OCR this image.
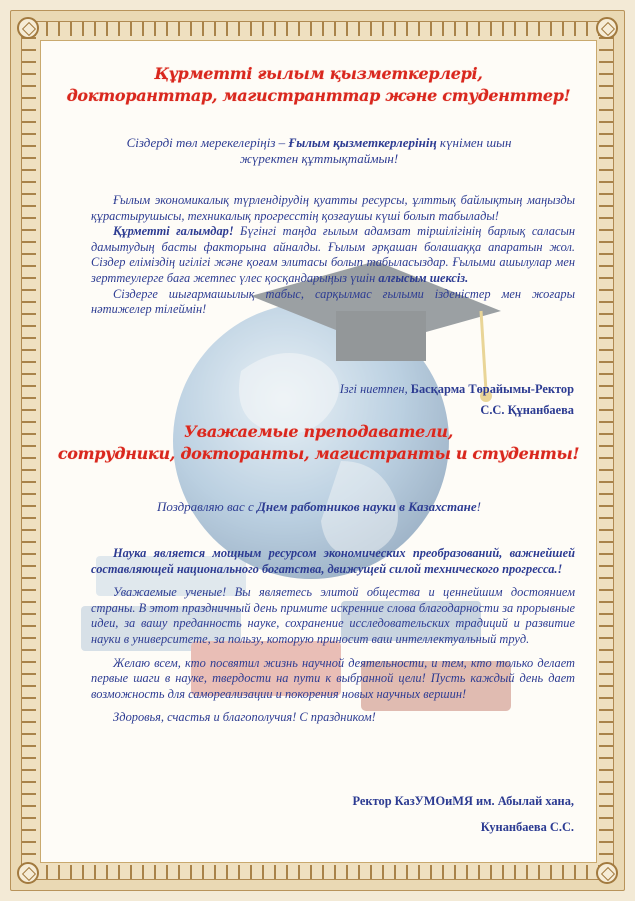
Құрметті ғылым қызметкерлері,
докторанттар, магистранттар және студенттер!
Сіздерді төл мерекелеріңіз – Ғылым қызметкерлерінің күнімен шын жүректен құттықтаймын!

Ғылым экономикалық түрлендірудің қуатты ресурсы, ұлттық байлықтың маңызды құрастырушысы, техникалық прогресстің қозғаушы күші болып табылады!

Құрметті ғалымдар! Бүгінгі таңда ғылым адамзат тіршілігінің барлық саласын дамытудың басты факторына айналды. Ғылым әрқашан болашаққа апаратын жол. Сіздер еліміздің игілігі және қоғам элитасы болып табыласыздар. Ғылыми ашылулар мен зерттеулерге баға жетпес үлес қосқандарыңыз үшін алғысым шексіз.

Сіздерге шығармашылық табыс, сарқылмас ғылыми ізденістер мен жоғары нәтижелер тілеймін!

Ізгі ниетпен, Басқарма Төрайымы-Ректор
С.С. Құнанбаева
Уважаемые преподаватели,
сотрудники, докторанты, магистранты и студенты!
Поздравляю вас с Днем работников науки в Казахстане!

Наука является мощным ресурсом экономических преобразований, важнейшей составляющей национального богатства, движущей силой технического прогресса.!

Уважаемые ученые! Вы являетесь элитой общества и ценнейшим достоянием страны. В этот праздничный день примите искренние слова благодарности за прорывные идеи, за вашу преданность науке, сохранение исследовательских традиций и развитие науки в университете, за пользу, которую приносит ваш интеллектуальный труд.

Желаю всем, кто посвятил жизнь научной деятельности, и тем, кто только делает первые шаги в науке, твердости на пути к выбранной цели! Пусть каждый день дает возможность для самореализации и покорения новых научных вершин!

Здоровья, счастья и благополучия! С праздником!

Ректор КазУМОиМЯ им. Абылай хана,
Кунанбаева С.С.
